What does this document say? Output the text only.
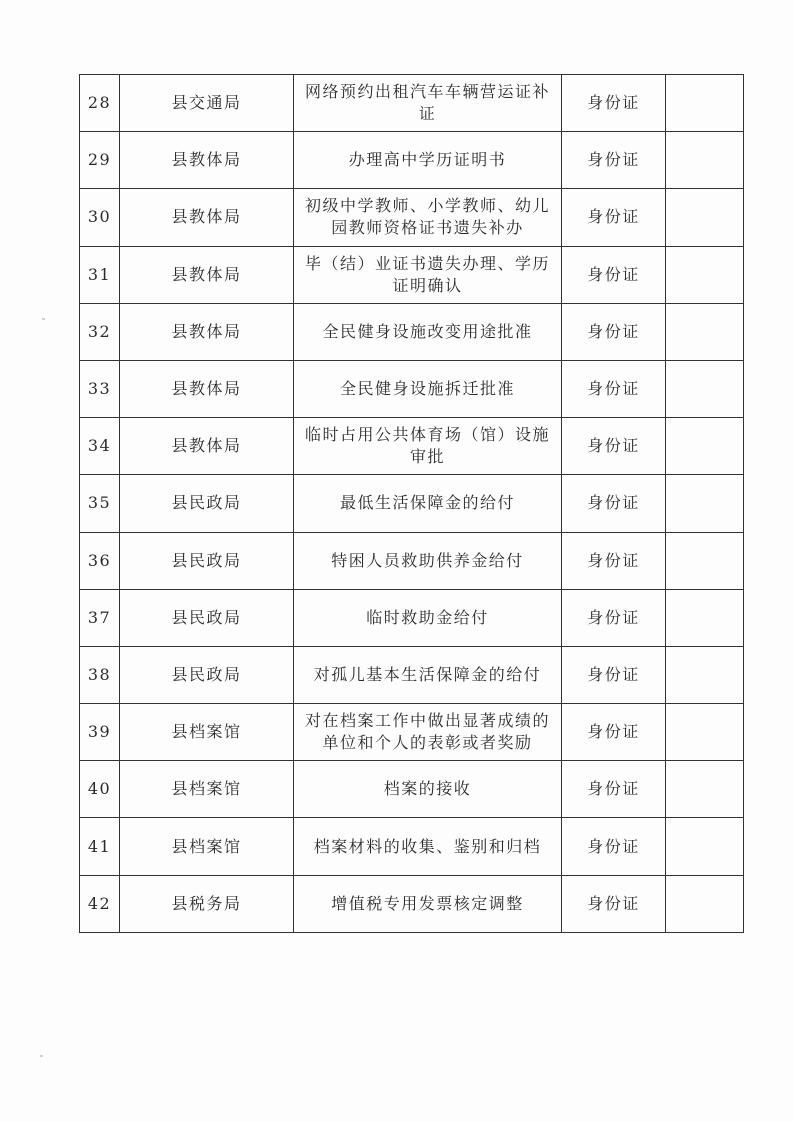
28	县交通局	网络预约出租汽车车辆营运证补证	身份证	
29	县教体局	办理高中学历证明书	身份证	
30	县教体局	初级中学教师、小学教师、幼儿园教师资格证书遗失补办	身份证	
31	县教体局	毕（结）业证书遗失办理、学历证明确认	身份证	
32	县教体局	全民健身设施改变用途批准	身份证	
33	县教体局	全民健身设施拆迁批准	身份证	
34	县教体局	临时占用公共体育场（馆）设施审批	身份证	
35	县民政局	最低生活保障金的给付	身份证	
36	县民政局	特困人员救助供养金给付	身份证	
37	县民政局	临时救助金给付	身份证	
38	县民政局	对孤儿基本生活保障金的给付	身份证	
39	县档案馆	对在档案工作中做出显著成绩的单位和个人的表彰或者奖励	身份证	
40	县档案馆	档案的接收	身份证	
41	县档案馆	档案材料的收集、鉴别和归档	身份证	
42	县税务局	增值税专用发票核定调整	身份证	
